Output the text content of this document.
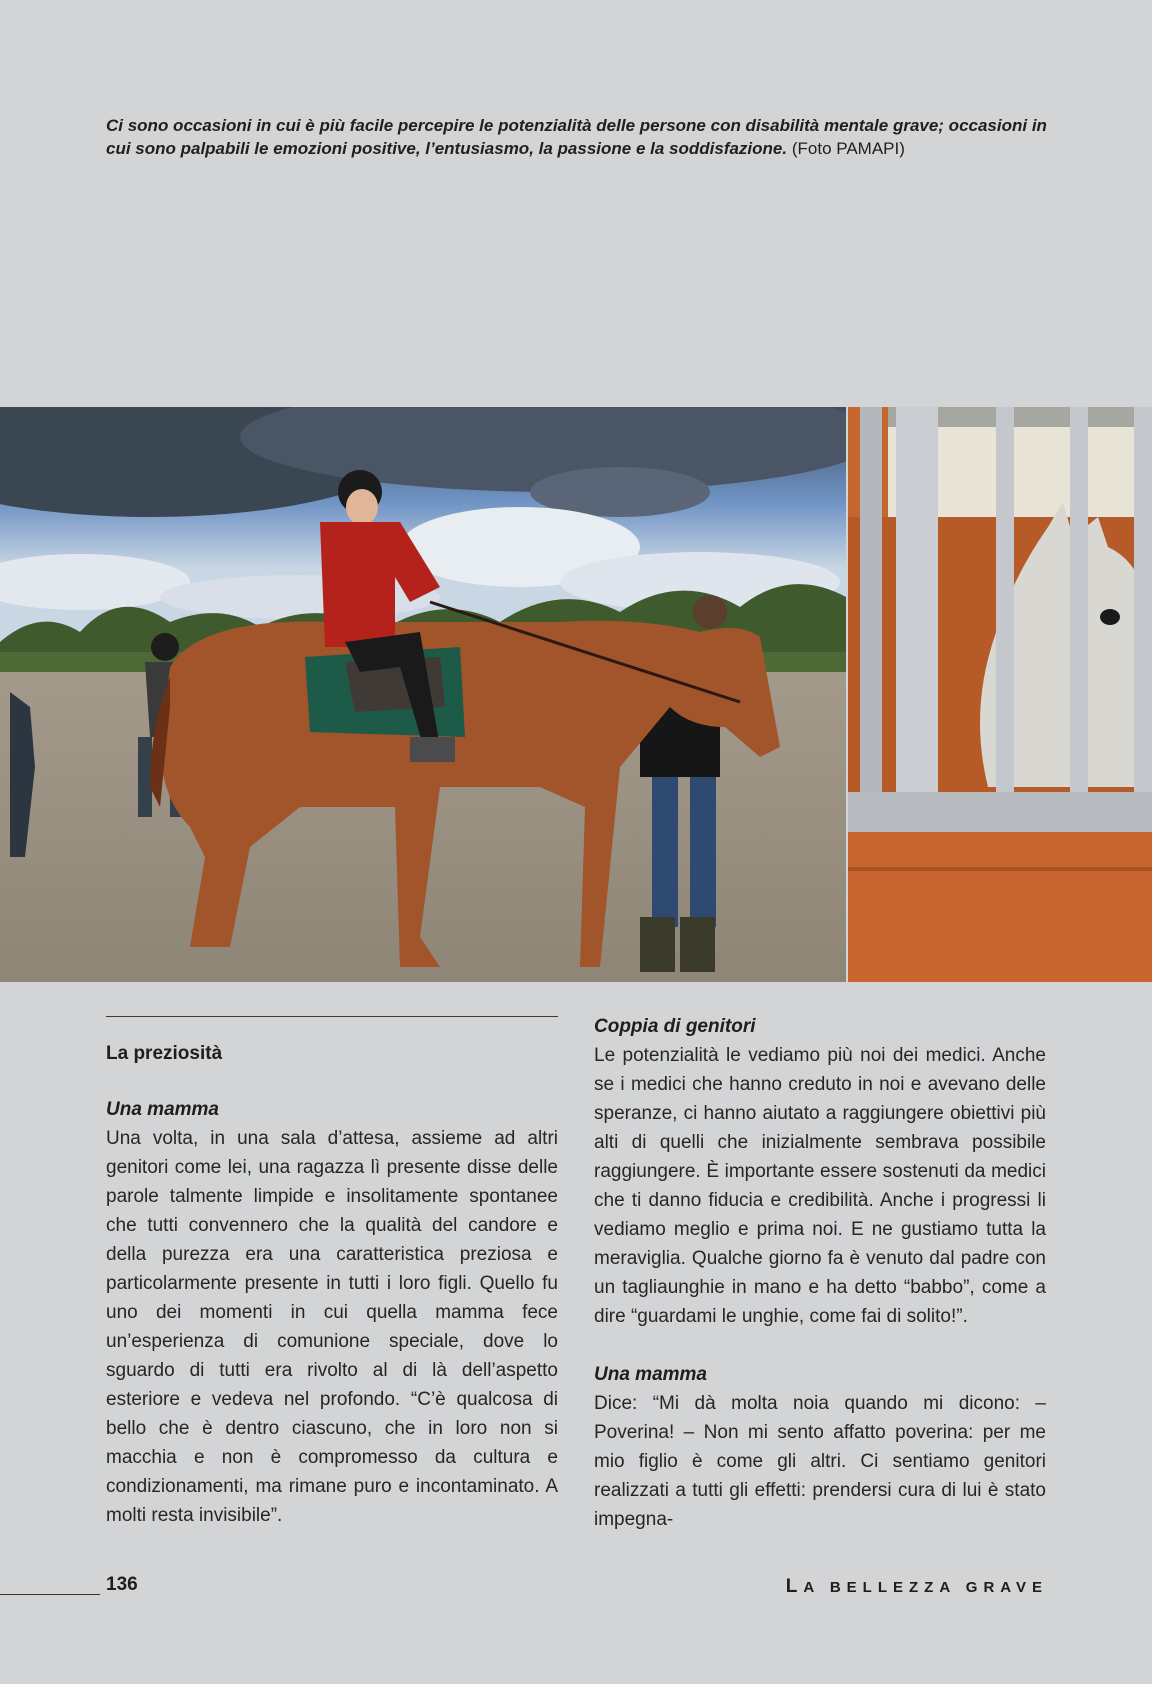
Ci sono occasioni in cui è più facile percepire le potenzialità delle persone con disabilità mentale grave; occasioni in cui sono palpabili le emozioni positive, l’entusiasmo, la passione e la soddisfazione. (Foto PAMAPI)

La preziosità

Una mamma

Una volta, in una sala d’attesa, assieme ad altri genitori come lei, una ragazza lì presente disse delle parole talmente limpide e insolitamente spontanee che tutti convennero che la qualità del candore e della purezza era una caratteristica preziosa e particolarmente presente in tutti i loro figli. Quello fu uno dei momenti in cui quella mamma fece un’esperienza di comunione speciale, dove lo sguardo di tutti era rivolto al di là dell’aspetto esteriore e vedeva nel profondo. “C’è qualcosa di bello che è dentro ciascuno, che in loro non si macchia e non è compromesso da cultura e condizionamenti, ma rimane puro e incontaminato. A molti resta invisibile”.

Coppia di genitori

Le potenzialità le vediamo più noi dei medici. Anche se i medici che hanno creduto in noi e avevano delle speranze, ci hanno aiutato a raggiungere obiettivi più alti di quelli che inizialmente sembrava possibile raggiungere. È importante essere sostenuti da medici che ti danno fiducia e credibilità. Anche i progressi li vediamo meglio e prima noi. E ne gustiamo tutta la meraviglia. Qualche giorno fa è venuto dal padre con un tagliaunghie in mano e ha detto “babbo”, come a dire “guardami le unghie, come fai di solito!”.

Una mamma

Dice: “Mi dà molta noia quando mi dicono: – Poverina! – Non mi sento affatto poverina: per me mio figlio è come gli altri. Ci sentiamo genitori realizzati a tutti gli effetti: prendersi cura di lui è stato impegna-

136	LA BELLEZZA GRAVE
